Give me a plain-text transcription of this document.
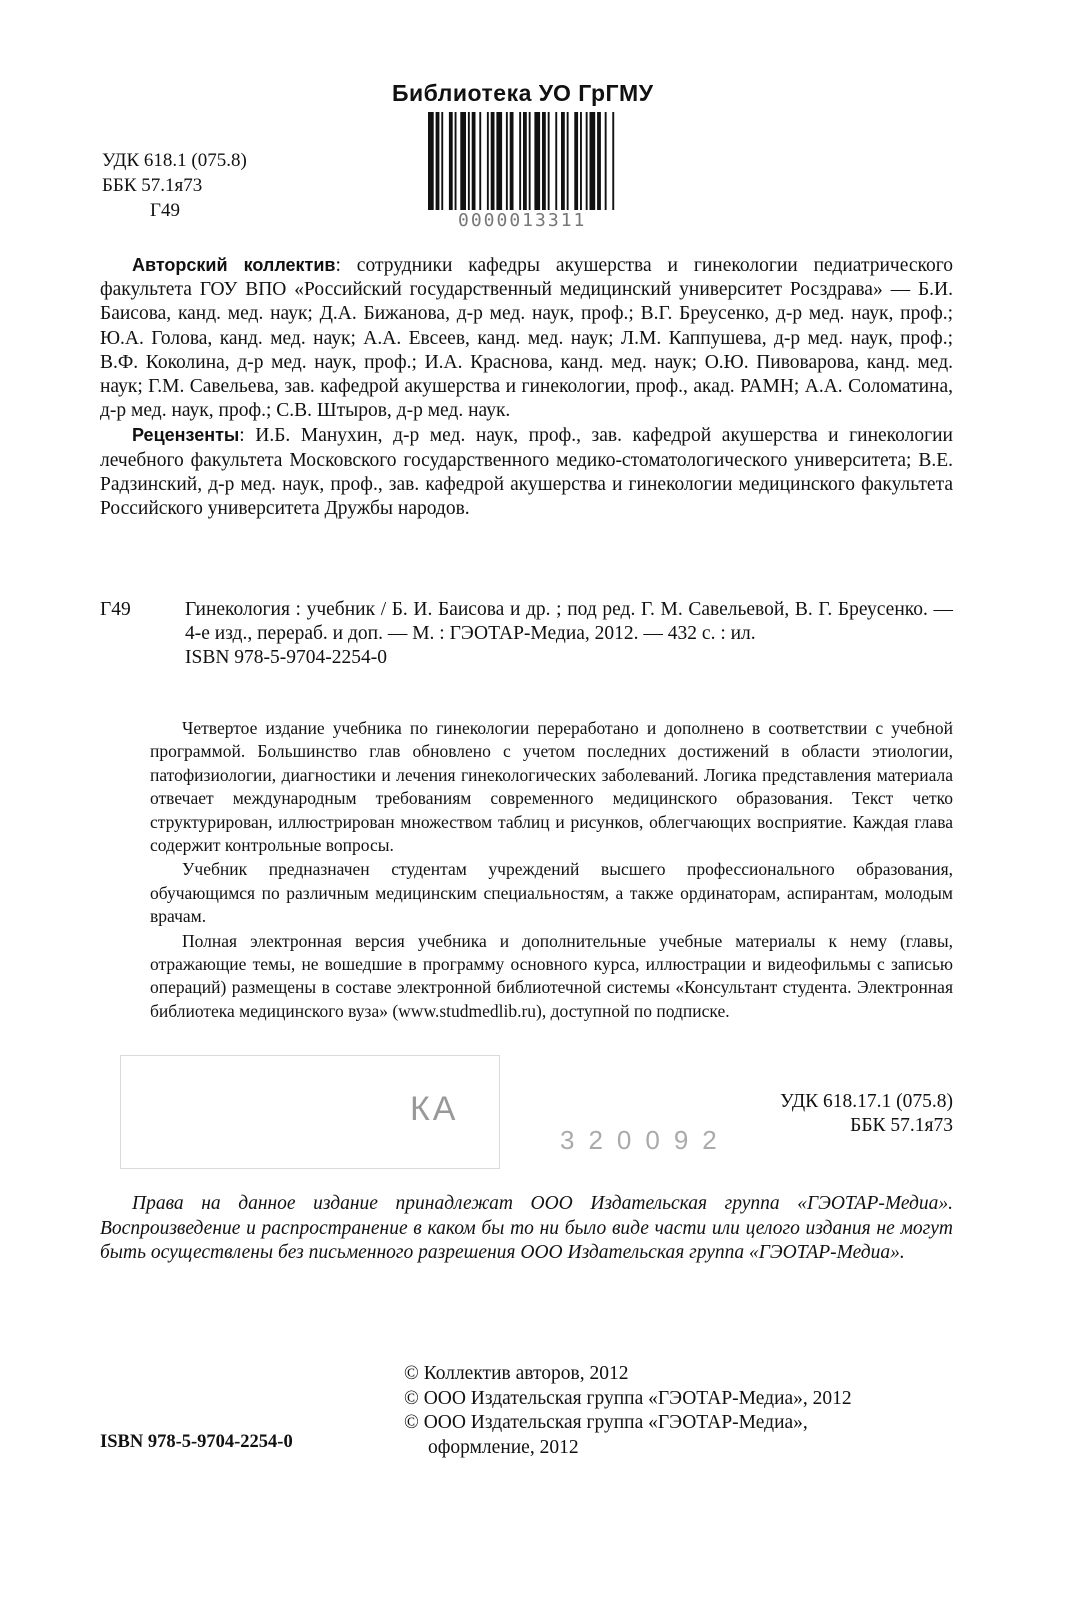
Библиотека УО ГрГМУ
0000013311
УДК 618.1 (075.8)
ББК 57.1я73
Г49

Авторский коллектив: сотрудники кафедры акушерства и гинекологии педиатрического факультета ГОУ ВПО «Российский государственный медицинский университет Росздрава» — Б.И. Баисова, канд. мед. наук; Д.А. Бижанова, д-р мед. наук, проф.; В.Г. Бреусенко, д-р мед. наук, проф.; Ю.А. Голова, канд. мед. наук; А.А. Евсеев, канд. мед. наук; Л.М. Каппушева, д-р мед. наук, проф.; В.Ф. Коколина, д-р мед. наук, проф.; И.А. Краснова, канд. мед. наук; О.Ю. Пивоварова, канд. мед. наук; Г.М. Савельева, зав. кафедрой акушерства и гинекологии, проф., акад. РАМН; А.А. Соломатина, д-р мед. наук, проф.; С.В. Штыров, д-р мед. наук.

Рецензенты: И.Б. Манухин, д-р мед. наук, проф., зав. кафедрой акушерства и гинекологии лечебного факультета Московского государственного медико-стоматологического университета; В.Е. Радзинский, д-р мед. наук, проф., зав. кафедрой акушерства и гинекологии медицинского факультета Российского университета Дружбы народов.

Г49	Гинекология : учебник / Б. И. Баисова и др. ; под ред. Г. М. Савельевой, В. Г. Бреусенко. — 4-е изд., перераб. и доп. — М. : ГЭОТАР-Медиа, 2012. — 432 с. : ил.
ISBN 978-5-9704-2254-0

Четвертое издание учебника по гинекологии переработано и дополнено в соответствии с учебной программой. Большинство глав обновлено с учетом последних достижений в области этиологии, патофизиологии, диагностики и лечения гинекологических заболеваний. Логика представления материала отвечает международным требованиям современного медицинского образования. Текст четко структурирован, иллюстрирован множеством таблиц и рисунков, облегчающих восприятие. Каждая глава содержит контрольные вопросы.

Учебник предназначен студентам учреждений высшего профессионального образования, обучающимся по различным медицинским специальностям, а также ординаторам, аспирантам, молодым врачам.

Полная электронная версия учебника и дополнительные учебные материалы к нему (главы, отражающие темы, не вошедшие в программу основного курса, иллюстрации и видеофильмы с записью операций) размещены в составе электронной библиотечной системы «Консультант студента. Электронная библиотека медицинского вуза» (www.studmedlib.ru), доступной по подписке.

КА
320092
УДК 618.17.1 (075.8)
ББК 57.1я73

Права на данное издание принадлежат ООО Издательская группа «ГЭОТАР-Медиа». Воспроизведение и распространение в каком бы то ни было виде части или целого издания не могут быть осуществлены без письменного разрешения ООО Издательская группа «ГЭОТАР-Медиа».

© Коллектив авторов, 2012
© ООО Издательская группа «ГЭОТАР-Медиа», 2012
© ООО Издательская группа «ГЭОТАР-Медиа»,
оформление, 2012
ISBN 978-5-9704-2254-0
